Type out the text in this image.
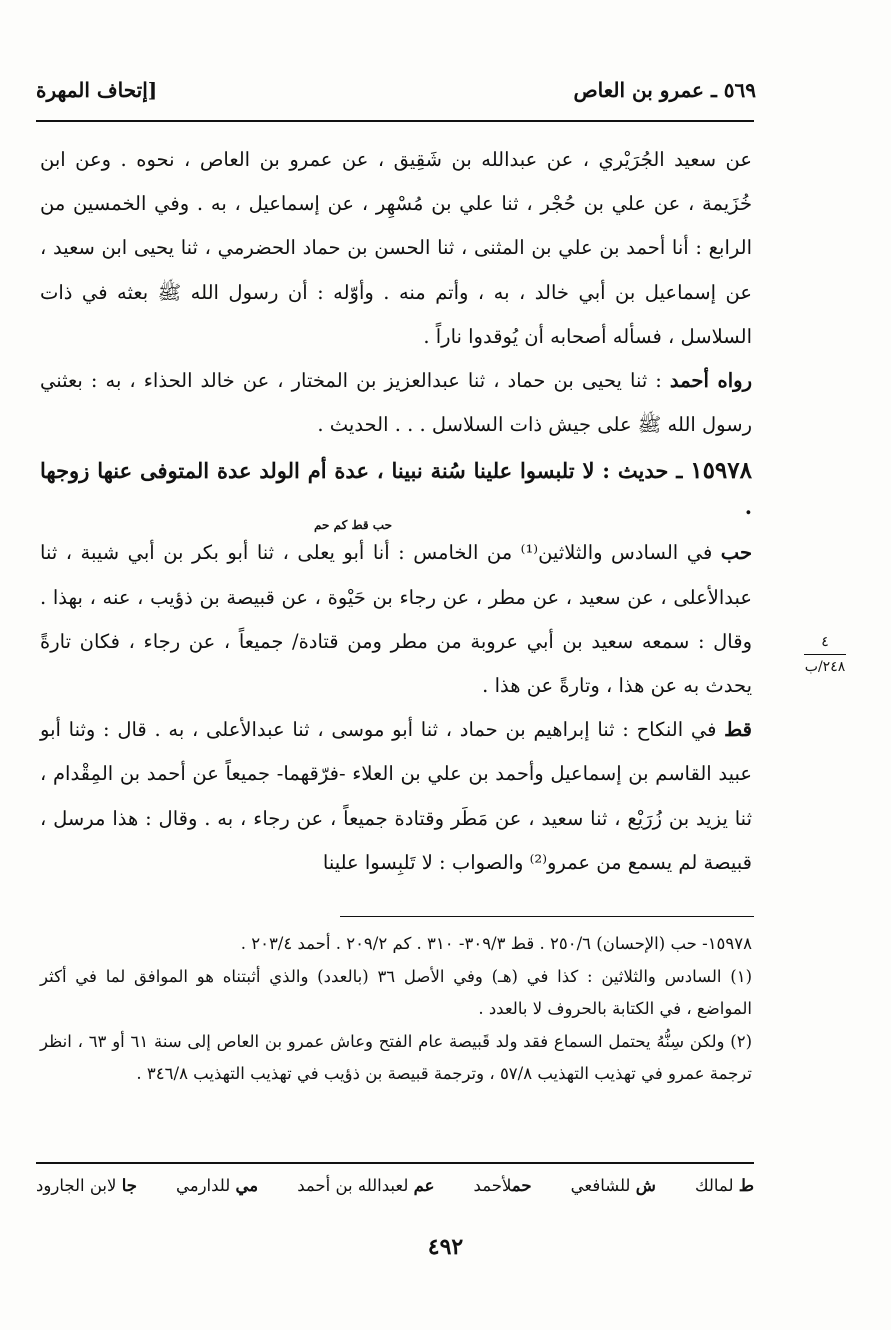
٥٦٩ ـ عمرو بن العاص
[إتحاف المهرة

عن سعيد الجُرَيْري ، عن عبدالله بن شَقِيق ، عن عمرو بن العاص ، نحوه . وعن ابن خُزَيمة ، عن علي بن حُجْر ، ثنا علي بن مُسْهِر ، عن إسماعيل ، به . وفي الخمسين من الرابع : أنا أحمد بن علي بن المثنى ، ثنا الحسن بن حماد الحضرمي ، ثنا يحيى ابن سعيد ، عن إسماعيل بن أبي خالد ، به ، وأتم منه . وأوّله : أن رسول الله ﷺ بعثه في ذات السلاسل ، فسأله أصحابه أن يُوقدوا ناراً .

رواه أحمد : ثنا يحيى بن حماد ، ثنا عبدالعزيز بن المختار ، عن خالد الحذاء ، به : بعثني رسول الله ﷺ على جيش ذات السلاسل . . . الحديث .

١٥٩٧٨ ـ حديث : لا تلبسوا علينا سُنة نبينا ، عدة أم الولد عدة المتوفى عنها زوجها .
حب قط كم حم

حب في السادس والثلاثين⁽¹⁾ من الخامس : أنا أبو يعلى ، ثنا أبو بكر بن أبي شيبة ، ثنا عبدالأعلى ، عن سعيد ، عن مطر ، عن رجاء بن حَيْوة ، عن قبيصة بن ذؤيب ، عنه ، بهذا . وقال : سمعه سعيد بن أبي عروبة من مطر ومن قتادة/ جميعاً ، عن رجاء ، فكان تارةً يحدث به عن هذا ، وتارةً عن هذا .

قط في النكاح : ثنا إبراهيم بن حماد ، ثنا أبو موسى ، ثنا عبدالأعلى ، به . قال : وثنا أبو عبيد القاسم بن إسماعيل وأحمد بن علي بن العلاء -فرّقهما- جميعاً عن أحمد بن المِقْدام ، ثنا يزيد بن زُرَيْع ، ثنا سعيد ، عن مَطَر وقتادة جميعاً ، عن رجاء ، به . وقال : هذا مرسل ، قبيصة لم يسمع من عمرو⁽²⁾ والصواب : لا تَلبِسوا علينا

٤
٢٤٨/ب

١٥٩٧٨- حب (الإحسان) ٢٥٠/٦ . قط ٣٠٩/٣- ٣١٠ . كم ٢٠٩/٢ . أحمد ٢٠٣/٤ .

(١) السادس والثلاثين : كذا في (هـ) وفي الأصل ٣٦ (بالعدد) والذي أثبتناه هو الموافق لما في أكثر المواضع ، في الكتابة بالحروف لا بالعدد .

(٢) ولكن سِنُّهُ يحتمل السماع فقد ولد قَبيصة عام الفتح وعاش عمرو بن العاص إلى سنة ٦١ أو ٦٣ ، انظر ترجمة عمرو في تهذيب التهذيب ٥٧/٨ ، وترجمة قبيصة بن ذؤيب في تهذيب التهذيب ٣٤٦/٨ .

ط لمالك
ش للشافعي
حملأحمد
عم لعبدالله بن أحمد
مي للدارمي
جا لابن الجارود
٤٩٢
